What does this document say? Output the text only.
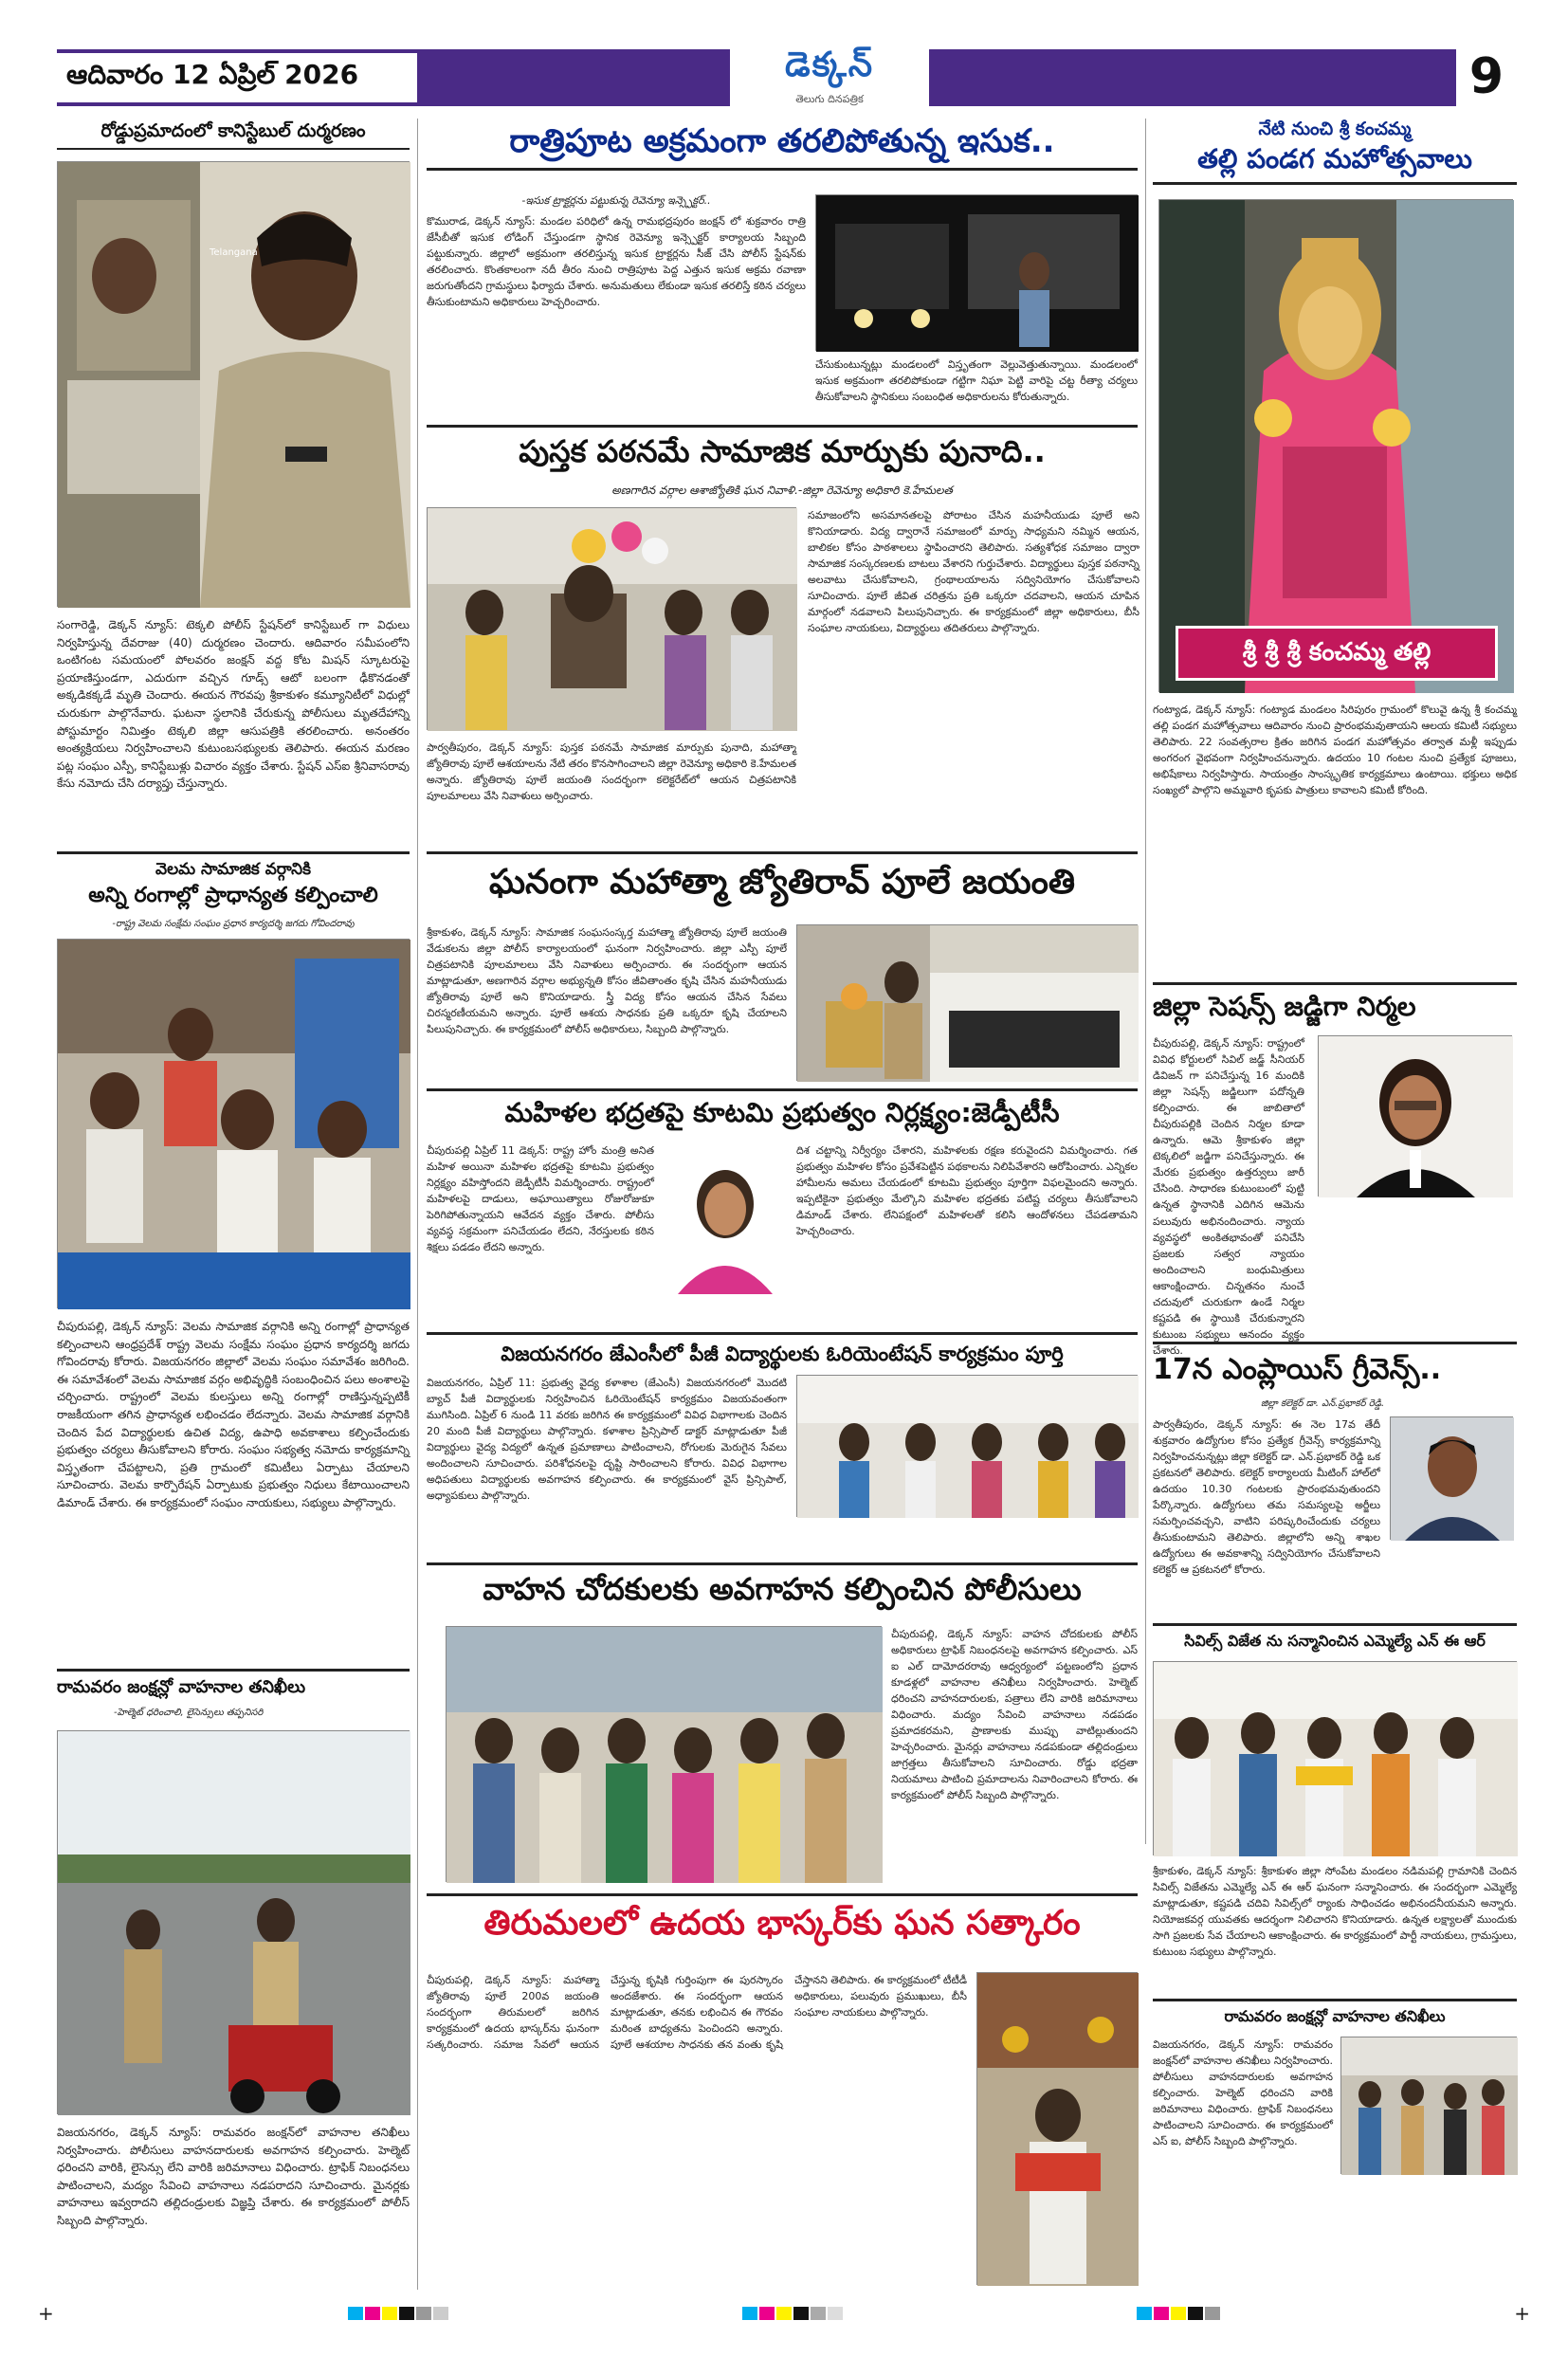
ఆదివారం 12 ఏప్రిల్ 2026	డెక్కన్
తెలుగు దినపత్రిక	9
రోడ్డుప్రమాదంలో కానిస్టేబుల్ దుర్మరణం
Telangana
సంగారెడ్డి, డెక్కన్ న్యూస్: టెక్కలి పోలీస్ స్టేషన్‌లో కానిస్టేబుల్ గా విధులు నిర్వహిస్తున్న దేవరాజు (40) దుర్మరణం చెందారు. ఆదివారం సమీపంలోని ఒంటిగంట సమయంలో పోలవరం జంక్షన్ వద్ద కోట మిషన్ స్కూటరుపై ప్రయాణిస్తుండగా, ఎదురుగా వచ్చిన గూడ్స్ ఆటో బలంగా ఢీకొనడంతో అక్కడికక్కడే మృతి చెందారు. ఈయన గౌరవపు శ్రీకాకుళం కమ్యూనిటీలో విధుల్లో చురుకుగా పాల్గొనేవారు. ఘటనా స్థలానికి చేరుకున్న పోలీసులు మృతదేహాన్ని పోస్టుమార్టం నిమిత్తం టెక్కలి జిల్లా ఆసుపత్రికి తరలించారు. అనంతరం అంత్యక్రియలు నిర్వహించాలని కుటుంబసభ్యులకు తెలిపారు. ఈయన మరణం పట్ల సంఘం ఎస్పీ, కానిస్టేబుళ్లు విచారం వ్యక్తం చేశారు. స్టేషన్ ఎస్ఐ శ్రీనివాసరావు కేసు నమోదు చేసి దర్యాప్తు చేస్తున్నారు.
వెలమ సామాజిక వర్గానికి
అన్ని రంగాల్లో ప్రాధాన్యత కల్పించాలి
-రాష్ట్ర వెలమ సంక్షేమ సంఘం ప్రధాన కార్యదర్శి జగదు గోవిందరావు
చీపురుపల్లి, డెక్కన్ న్యూస్: వెలమ సామాజిక వర్గానికి అన్ని రంగాల్లో ప్రాధాన్యత కల్పించాలని ఆంధ్రప్రదేశ్ రాష్ట్ర వెలమ సంక్షేమ సంఘం ప్రధాన కార్యదర్శి జగదు గోవిందరావు కోరారు. విజయనగరం జిల్లాలో వెలమ సంఘం సమావేశం జరిగింది. ఈ సమావేశంలో వెలమ సామాజిక వర్గం అభివృద్ధికి సంబంధించిన పలు అంశాలపై చర్చించారు. రాష్ట్రంలో వెలమ కులస్తులు అన్ని రంగాల్లో రాణిస్తున్నప్పటికీ రాజకీయంగా తగిన ప్రాధాన్యత లభించడం లేదన్నారు. వెలమ సామాజిక వర్గానికి చెందిన పేద విద్యార్థులకు ఉచిత విద్య, ఉపాధి అవకాశాలు కల్పించేందుకు ప్రభుత్వం చర్యలు తీసుకోవాలని కోరారు. సంఘం సభ్యత్వ నమోదు కార్యక్రమాన్ని విస్తృతంగా చేపట్టాలని, ప్రతి గ్రామంలో కమిటీలు ఏర్పాటు చేయాలని సూచించారు. వెలమ కార్పొరేషన్ ఏర్పాటుకు ప్రభుత్వం నిధులు కేటాయించాలని డిమాండ్ చేశారు. ఈ కార్యక్రమంలో సంఘం నాయకులు, సభ్యులు పాల్గొన్నారు.
రామవరం జంక్షన్లో వాహనాల తనిఖీలు
-హెల్మెట్ ధరించాలి, లైసెన్సులు తప్పనిసరి
విజయనగరం, డెక్కన్ న్యూస్: రామవరం జంక్షన్‌లో వాహనాల తనిఖీలు నిర్వహించారు. పోలీసులు వాహనదారులకు అవగాహన కల్పించారు. హెల్మెట్ ధరించని వారికి, లైసెన్సు లేని వారికి జరిమానాలు విధించారు. ట్రాఫిక్ నిబంధనలు పాటించాలని, మద్యం సేవించి వాహనాలు నడపరాదని సూచించారు. మైనర్లకు వాహనాలు ఇవ్వరాదని తల్లిదండ్రులకు విజ్ఞప్తి చేశారు. ఈ కార్యక్రమంలో పోలీస్ సిబ్బంది పాల్గొన్నారు.
రాత్రిపూట అక్రమంగా తరలిపోతున్న ఇసుక..
-ఇసుక ట్రాక్టర్లను పట్టుకున్న రెవెన్యూ ఇన్స్పెక్టర్..
కొమురాడ, డెక్కన్ న్యూస్: మండల పరిధిలో ఉన్న రామభద్రపురం జంక్షన్ లో శుక్రవారం రాత్రి జేసీబీతో ఇసుక లోడింగ్ చేస్తుండగా స్థానిక రెవెన్యూ ఇన్స్పెక్టర్ కార్యాలయ సిబ్బంది పట్టుకున్నారు. జిల్లాలో అక్రమంగా తరలిస్తున్న ఇసుక ట్రాక్టర్లను సీజ్ చేసి పోలీస్ స్టేషన్‌కు తరలించారు. కొంతకాలంగా నదీ తీరం నుంచి రాత్రిపూట పెద్ద ఎత్తున ఇసుక అక్రమ రవాణా జరుగుతోందని గ్రామస్థులు ఫిర్యాదు చేశారు. అనుమతులు లేకుండా ఇసుక తరలిస్తే కఠిన చర్యలు తీసుకుంటామని అధికారులు హెచ్చరించారు.
చేసుకుంటున్నట్లు మండలంలో విస్తృతంగా వెల్లువెత్తుతున్నాయి. మండలంలో ఇసుక అక్రమంగా తరలిపోకుండా గట్టిగా నిఘా పెట్టి వారిపై చట్ట రీత్యా చర్యలు తీసుకోవాలని స్థానికులు సంబంధిత అధికారులను కోరుతున్నారు.
పుస్తక పఠనమే సామాజిక మార్పుకు పునాది..
అణగారిన వర్గాల ఆశాజ్యోతికి ఘన నివాళి.-జిల్లా రెవెన్యూ అధికారి కె.హేమలత
పార్వతీపురం, డెక్కన్ న్యూస్: పుస్తక పఠనమే సామాజిక మార్పుకు పునాది, మహాత్మా జ్యోతిరావు పూలే ఆశయాలను నేటి తరం కొనసాగించాలని జిల్లా రెవెన్యూ అధికారి కె.హేమలత అన్నారు. జ్యోతిరావు పూలే జయంతి సందర్భంగా కలెక్టరేట్‌లో ఆయన చిత్రపటానికి పూలమాలలు వేసి నివాళులు అర్పించారు.
సమాజంలోని అసమానతలపై పోరాటం చేసిన మహనీయుడు పూలే అని కొనియాడారు. విద్య ద్వారానే సమాజంలో మార్పు సాధ్యమని నమ్మిన ఆయన, బాలికల కోసం పాఠశాలలు స్థాపించారని తెలిపారు. సత్యశోధక సమాజం ద్వారా సామాజిక సంస్కరణలకు బాటలు వేశారని గుర్తుచేశారు. విద్యార్థులు పుస్తక పఠనాన్ని అలవాటు చేసుకోవాలని, గ్రంథాలయాలను సద్వినియోగం చేసుకోవాలని సూచించారు. పూలే జీవిత చరిత్రను ప్రతి ఒక్కరూ చదవాలని, ఆయన చూపిన మార్గంలో నడవాలని పిలుపునిచ్చారు. ఈ కార్యక్రమంలో జిల్లా అధికారులు, బీసీ సంఘాల నాయకులు, విద్యార్థులు తదితరులు పాల్గొన్నారు.
ఘనంగా మహాత్మా జ్యోతిరావ్ పూలే జయంతి
శ్రీకాకుళం, డెక్కన్ న్యూస్: సామాజిక సంఘసంస్కర్త మహాత్మా జ్యోతిరావు పూలే జయంతి వేడుకలను జిల్లా పోలీస్ కార్యాలయంలో ఘనంగా నిర్వహించారు. జిల్లా ఎస్పీ పూలే చిత్రపటానికి పూలమాలలు వేసి నివాళులు అర్పించారు. ఈ సందర్భంగా ఆయన మాట్లాడుతూ, అణగారిన వర్గాల అభ్యున్నతి కోసం జీవితాంతం కృషి చేసిన మహనీయుడు జ్యోతిరావు పూలే అని కొనియాడారు. స్త్రీ విద్య కోసం ఆయన చేసిన సేవలు చిరస్మరణీయమని అన్నారు. పూలే ఆశయ సాధనకు ప్రతి ఒక్కరూ కృషి చేయాలని పిలుపునిచ్చారు. ఈ కార్యక్రమంలో పోలీస్ అధికారులు, సిబ్బంది పాల్గొన్నారు.
మహిళల భద్రతపై కూటమి ప్రభుత్వం నిర్లక్ష్యం:జెడ్పీటీసీ
చీపురుపల్లి ఏప్రిల్ 11 డెక్కన్: రాష్ట్ర హోం మంత్రి అనిత మహిళ అయినా మహిళల భద్రతపై కూటమి ప్రభుత్వం నిర్లక్ష్యం వహిస్తోందని జెడ్పీటీసీ విమర్శించారు. రాష్ట్రంలో మహిళలపై దాడులు, అఘాయిత్యాలు రోజురోజుకూ పెరిగిపోతున్నాయని ఆవేదన వ్యక్తం చేశారు. పోలీసు వ్యవస్థ సక్రమంగా పనిచేయడం లేదని, నేరస్తులకు కఠిన శిక్షలు పడడం లేదని అన్నారు.
దిశ చట్టాన్ని నిర్వీర్యం చేశారని, మహిళలకు రక్షణ కరువైందని విమర్శించారు. గత ప్రభుత్వం మహిళల కోసం ప్రవేశపెట్టిన పథకాలను నిలిపివేశారని ఆరోపించారు. ఎన్నికల హామీలను అమలు చేయడంలో కూటమి ప్రభుత్వం పూర్తిగా విఫలమైందని అన్నారు. ఇప్పటికైనా ప్రభుత్వం మేల్కొని మహిళల భద్రతకు పటిష్ట చర్యలు తీసుకోవాలని డిమాండ్ చేశారు. లేనిపక్షంలో మహిళలతో కలిసి ఆందోళనలు చేపడతామని హెచ్చరించారు.
విజయనగరం జేఎంసీలో పీజీ విద్యార్థులకు ఓరియెంటేషన్ కార్యక్రమం పూర్తి
విజయనగరం, ఏప్రిల్ 11: ప్రభుత్వ వైద్య కళాశాల (జేఎంసీ) విజయనగరంలో మొదటి బ్యాచ్ పీజీ విద్యార్థులకు నిర్వహించిన ఓరియెంటేషన్ కార్యక్రమం విజయవంతంగా ముగిసింది. ఏప్రిల్ 6 నుండి 11 వరకు జరిగిన ఈ కార్యక్రమంలో వివిధ విభాగాలకు చెందిన 20 మంది పీజీ విద్యార్థులు పాల్గొన్నారు. కళాశాల ప్రిన్సిపాల్ డాక్టర్ మాట్లాడుతూ పీజీ విద్యార్థులు వైద్య విద్యలో ఉన్నత ప్రమాణాలు పాటించాలని, రోగులకు మెరుగైన సేవలు అందించాలని సూచించారు. పరిశోధనలపై దృష్టి సారించాలని కోరారు. వివిధ విభాగాల అధిపతులు విద్యార్థులకు అవగాహన కల్పించారు. ఈ కార్యక్రమంలో వైస్ ప్రిన్సిపాల్, అధ్యాపకులు పాల్గొన్నారు.
వాహన చోదకులకు అవగాహన కల్పించిన పోలీసులు
చీపురుపల్లి, డెక్కన్ న్యూస్: వాహన చోదకులకు పోలీస్ అధికారులు ట్రాఫిక్ నిబంధనలపై అవగాహన కల్పించారు. ఎస్ ఐ ఎల్ దామోదరరావు ఆధ్వర్యంలో పట్టణంలోని ప్రధాన కూడళ్లలో వాహనాల తనిఖీలు నిర్వహించారు. హెల్మెట్ ధరించని వాహనదారులకు, పత్రాలు లేని వారికి జరిమానాలు విధించారు. మద్యం సేవించి వాహనాలు నడపడం ప్రమాదకరమని, ప్రాణాలకు ముప్పు వాటిల్లుతుందని హెచ్చరించారు. మైనర్లు వాహనాలు నడపకుండా తల్లిదండ్రులు జాగ్రత్తలు తీసుకోవాలని సూచించారు. రోడ్డు భద్రతా నియమాలు పాటించి ప్రమాదాలను నివారించాలని కోరారు. ఈ కార్యక్రమంలో పోలీస్ సిబ్బంది పాల్గొన్నారు.
తిరుమలలో ఉదయ భాస్కర్‌కు ఘన సత్కారం
చీపురుపల్లి, డెక్కన్ న్యూస్: మహాత్మా జ్యోతిరావు పూలే 200వ జయంతి సందర్భంగా తిరుమలలో జరిగిన కార్యక్రమంలో ఉదయ భాస్కర్‌ను ఘనంగా సత్కరించారు. సమాజ సేవలో ఆయన చేస్తున్న కృషికి గుర్తింపుగా ఈ పురస్కారం అందజేశారు. ఈ సందర్భంగా ఆయన మాట్లాడుతూ, తనకు లభించిన ఈ గౌరవం మరింత బాధ్యతను పెంచిందని అన్నారు. పూలే ఆశయాల సాధనకు తన వంతు కృషి చేస్తానని తెలిపారు. ఈ కార్యక్రమంలో టీటీడీ అధికారులు, పలువురు ప్రముఖులు, బీసీ సంఘాల నాయకులు పాల్గొన్నారు.
నేటి నుంచి శ్రీ కంచమ్మ
తల్లి పండగ మహోత్సవాలు
శ్రీ శ్రీ శ్రీ కంచమ్మ తల్లి
గంట్యాడ, డెక్కన్ న్యూస్: గంట్యాడ మండలం సిరిపురం గ్రామంలో కొలువై ఉన్న శ్రీ కంచమ్మ తల్లి పండగ మహోత్సవాలు ఆదివారం నుంచి ప్రారంభమవుతాయని ఆలయ కమిటీ సభ్యులు తెలిపారు. 22 సంవత్సరాల క్రితం జరిగిన పండగ మహోత్సవం తర్వాత మళ్లీ ఇప్పుడు అంగరంగ వైభవంగా నిర్వహించనున్నారు. ఉదయం 10 గంటల నుంచి ప్రత్యేక పూజలు, అభిషేకాలు నిర్వహిస్తారు. సాయంత్రం సాంస్కృతిక కార్యక్రమాలు ఉంటాయి. భక్తులు అధిక సంఖ్యలో పాల్గొని అమ్మవారి కృపకు పాత్రులు కావాలని కమిటీ కోరింది.
జిల్లా సెషన్స్ జడ్జిగా నిర్మల
చీపురుపల్లి, డెక్కన్ న్యూస్: రాష్ట్రంలో వివిధ కోర్టులలో సివిల్ జడ్జ్ సీనియర్ డివిజన్ గా పనిచేస్తున్న 16 మందికి జిల్లా సెషన్స్ జడ్జిలుగా పదోన్నతి కల్పించారు. ఈ జాబితాలో చీపురుపల్లికి చెందిన నిర్మల కూడా ఉన్నారు. ఆమె శ్రీకాకుళం జిల్లా టెక్కలిలో జడ్జిగా పనిచేస్తున్నారు. ఈ మేరకు ప్రభుత్వం ఉత్తర్వులు జారీ చేసింది. సాధారణ కుటుంబంలో పుట్టి ఉన్నత స్థానానికి ఎదిగిన ఆమెను పలువురు అభినందించారు. న్యాయ వ్యవస్థలో అంకితభావంతో పనిచేసి ప్రజలకు సత్వర న్యాయం అందించాలని బంధుమిత్రులు ఆకాంక్షించారు. చిన్నతనం నుంచే చదువులో చురుకుగా ఉండే నిర్మల కష్టపడి ఈ స్థాయికి చేరుకున్నారని కుటుంబ సభ్యులు ఆనందం వ్యక్తం చేశారు.
17న ఎంప్లాయిస్ గ్రీవెన్స్..
జిల్లా కలెక్టర్ డా. ఎన్.ప్రభాకర్ రెడ్డి.
పార్వతీపురం, డెక్కన్ న్యూస్: ఈ నెల 17వ తేదీ శుక్రవారం ఉద్యోగుల కోసం ప్రత్యేక గ్రీవెన్స్ కార్యక్రమాన్ని నిర్వహించనున్నట్లు జిల్లా కలెక్టర్ డా. ఎన్.ప్రభాకర్ రెడ్డి ఒక ప్రకటనలో తెలిపారు. కలెక్టర్ కార్యాలయ మీటింగ్ హాల్‌లో ఉదయం 10.30 గంటలకు ప్రారంభమవుతుందని పేర్కొన్నారు. ఉద్యోగులు తమ సమస్యలపై అర్జీలు సమర్పించవచ్చని, వాటిని పరిష్కరించేందుకు చర్యలు తీసుకుంటామని తెలిపారు. జిల్లాలోని అన్ని శాఖల ఉద్యోగులు ఈ అవకాశాన్ని సద్వినియోగం చేసుకోవాలని కలెక్టర్ ఆ ప్రకటనలో కోరారు.
సివిల్స్ విజేత ను సన్మానించిన ఎమ్మెల్యే ఎన్ ఈ ఆర్
శ్రీకాకుళం, డెక్కన్ న్యూస్: శ్రీకాకుళం జిల్లా సోంపేట మండలం నడిమపల్లి గ్రామానికి చెందిన సివిల్స్ విజేతను ఎమ్మెల్యే ఎన్ ఈ ఆర్ ఘనంగా సన్మానించారు. ఈ సందర్భంగా ఎమ్మెల్యే మాట్లాడుతూ, కష్టపడి చదివి సివిల్స్‌లో ర్యాంకు సాధించడం అభినందనీయమని అన్నారు. నియోజకవర్గ యువతకు ఆదర్శంగా నిలిచారని కొనియాడారు. ఉన్నత లక్ష్యాలతో ముందుకు సాగి ప్రజలకు సేవ చేయాలని ఆకాంక్షించారు. ఈ కార్యక్రమంలో పార్టీ నాయకులు, గ్రామస్తులు, కుటుంబ సభ్యులు పాల్గొన్నారు.
రామవరం జంక్షన్లో వాహనాల తనిఖీలు
విజయనగరం, డెక్కన్ న్యూస్: రామవరం జంక్షన్‌లో వాహనాల తనిఖీలు నిర్వహించారు. పోలీసులు వాహనదారులకు అవగాహన కల్పించారు. హెల్మెట్ ధరించని వారికి జరిమానాలు విధించారు. ట్రాఫిక్ నిబంధనలు పాటించాలని సూచించారు. ఈ కార్యక్రమంలో ఎస్ ఐ, పోలీస్ సిబ్బంది పాల్గొన్నారు.
+	+
